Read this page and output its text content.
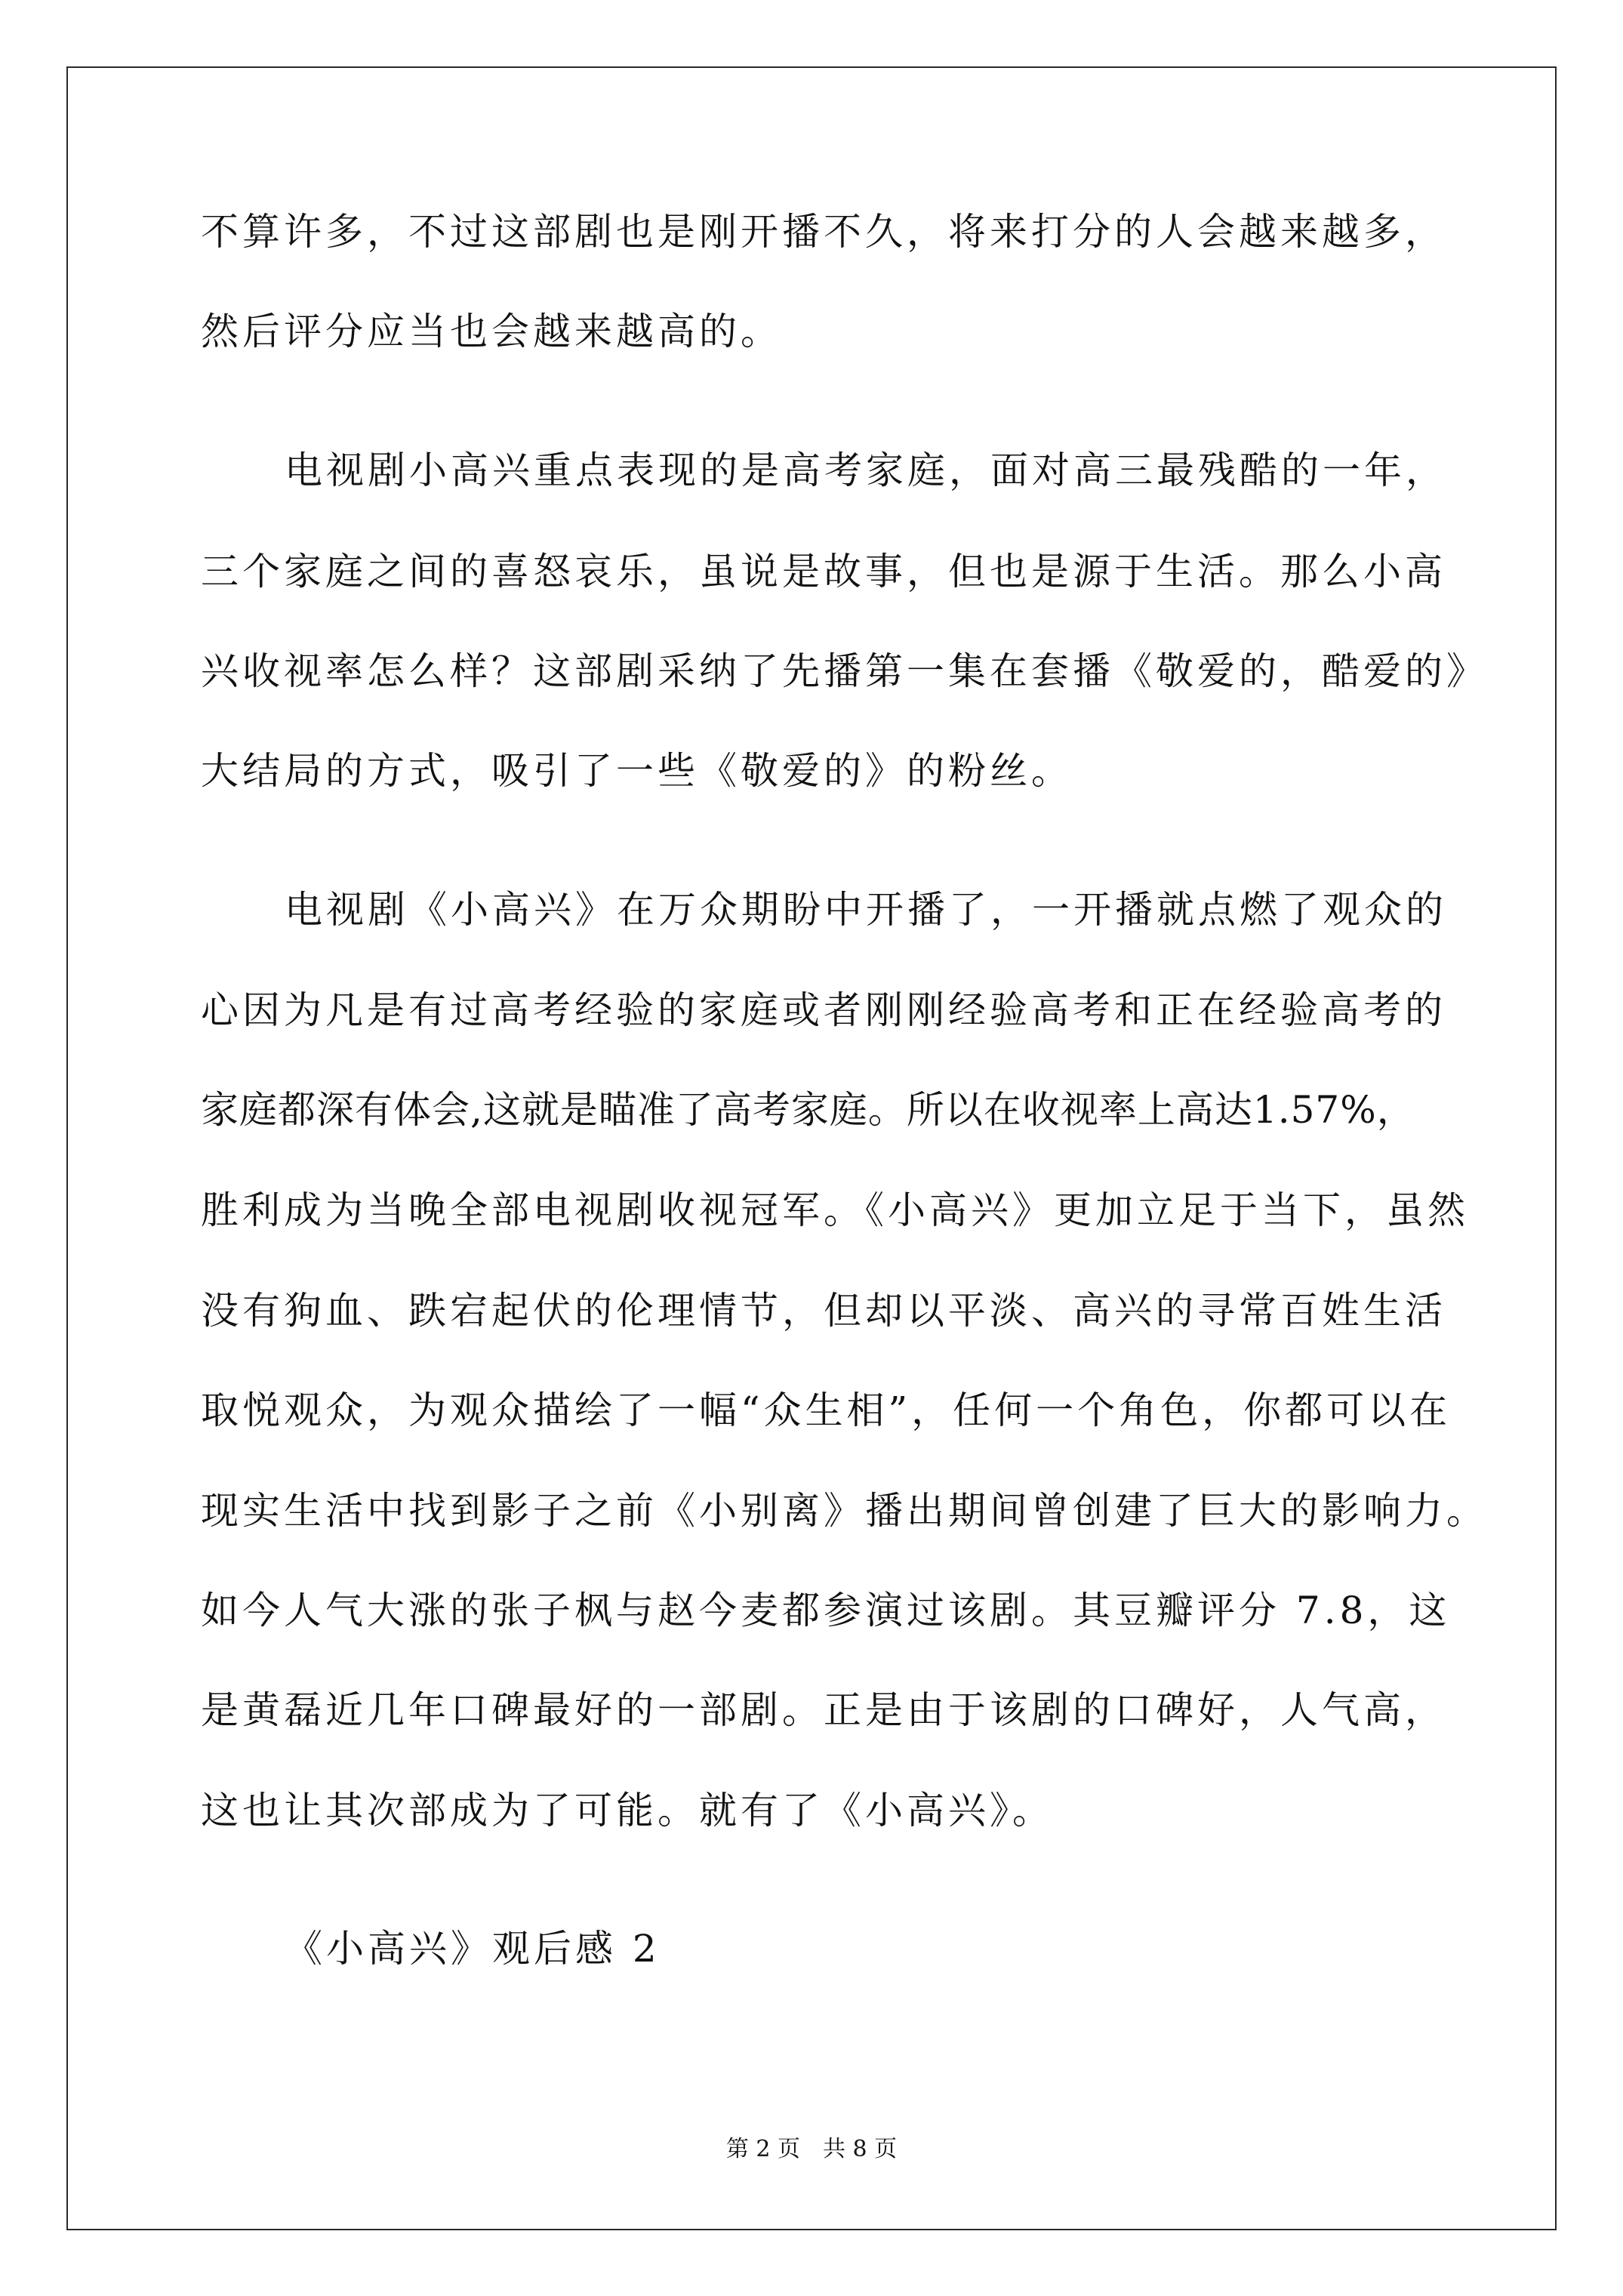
不算许多，不过这部剧也是刚开播不久，将来打分的人会越来越多，
然后评分应当也会越来越高的。
电视剧小高兴重点表现的是高考家庭，面对高三最残酷的一年，
三个家庭之间的喜怒哀乐，虽说是故事，但也是源于生活。那么小高
兴收视率怎么样？这部剧采纳了先播第一集在套播《敬爱的，酷爱的》
大结局的方式，吸引了一些《敬爱的》的粉丝。
电视剧《小高兴》在万众期盼中开播了，一开播就点燃了观众的
心因为凡是有过高考经验的家庭或者刚刚经验高考和正在经验高考的
家庭都深有体会,这就是瞄准了高考家庭。所以在收视率上高达1.57%，
胜利成为当晚全部电视剧收视冠军。《小高兴》更加立足于当下，虽然
没有狗血、跌宕起伏的伦理情节，但却以平淡、高兴的寻常百姓生活
取悦观众，为观众描绘了一幅“众生相”，任何一个角色，你都可以在
现实生活中找到影子之前《小别离》播出期间曾创建了巨大的影响力。
如今人气大涨的张子枫与赵今麦都参演过该剧。其豆瓣评分 7.8，这
是黄磊近几年口碑最好的一部剧。正是由于该剧的口碑好，人气高，
这也让其次部成为了可能。就有了《小高兴》。
《小高兴》观后感 2
第 2 页　共 8 页
